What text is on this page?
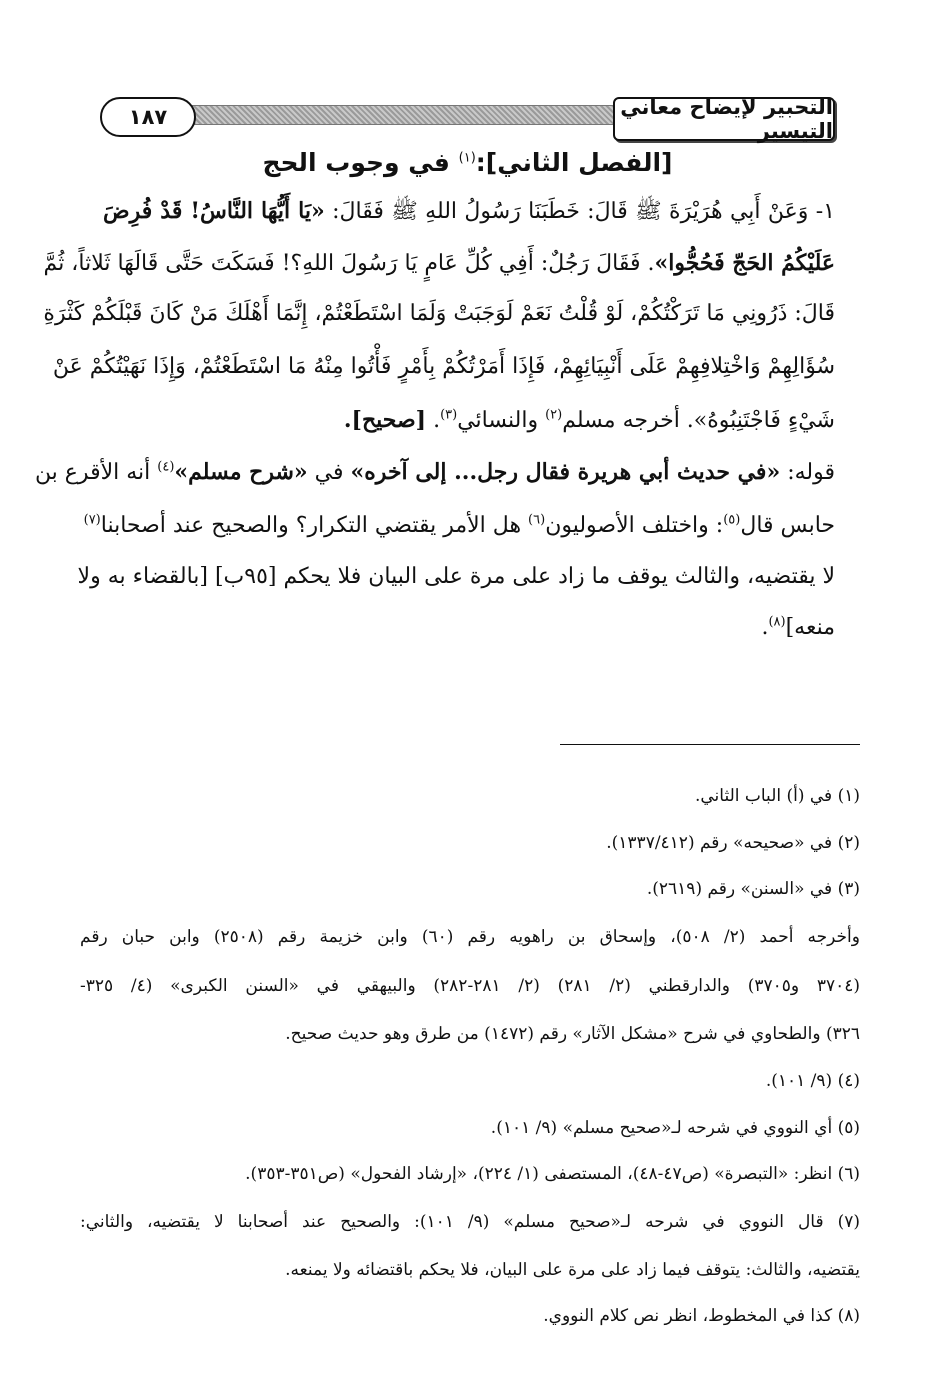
التحبير لإيضاح معاني التيسير
١٨٧
[الفصل الثاني]:$^{(١)}$ في وجوب الحج
١- وَعَنْ أَبِي هُرَيْرَةَ ﷺ قَالَ: خَطَبَنَا رَسُولُ اللهِ ﷺ فَقَالَ: «يَا أَيُّهَا النَّاسُ! قَدْ فُرِضَ
عَلَيْكُمُ الحَجّ فَحُجُّوا». فَقَالَ رَجُلٌ: أَفِي كُلِّ عَامٍ يَا رَسُولَ اللهِ؟! فَسَكَتَ حَتَّى قَالَهَا ثَلاثاً، ثُمَّ
قَالَ: ذَرُونِي مَا تَرَكْتُكُمْ، لَوْ قُلْتُ نَعَمْ لَوَجَبَتْ وَلَمَا اسْتَطَعْتُمْ، إِنَّمَا أَهْلَكَ مَنْ كَانَ قَبْلَكُمْ كَثْرَةِ
سُؤَالِهِمْ وَاخْتِلافِهِمْ عَلَى أَنْبِيَائِهِمْ، فَإِذَا أَمَرْتُكُمْ بِأَمْرٍ فَأْتُوا مِنْهُ مَا اسْتَطَعْتُمْ، وَإِذَا نَهَيْتُكُمْ عَنْ
شَيْءٍ فَاجْتَنِبُوهُ». أخرجه مسلم$^{(٢)}$ والنسائي$^{(٣)}$. [صحيح].
قوله: «في حديث أبي هريرة فقال رجل... إلى آخره» في «شرح مسلم»$^{(٤)}$ أنه الأقرع بن
حابس قال$^{(٥)}$: واختلف الأصوليون$^{(٦)}$ هل الأمر يقتضي التكرار؟ والصحيح عند أصحابنا$^{(٧)}$
لا يقتضيه، والثالث يوقف ما زاد على مرة على البيان فلا يحكم [٩٥ب] [بالقضاء به ولا
منعه]$^{(٨)}$.
(١) في (أ) الباب الثاني.
(٢) في «صحيحه» رقم (١٣٣٧/٤١٢).
(٣) في «السنن» رقم (٢٦١٩).
وأخرجه أحمد (٢/ ٥٠٨)، وإسحاق بن راهويه رقم (٦٠) وابن خزيمة رقم (٢٥٠٨) وابن حبان رقم
(٣٧٠٤ و٣٧٠٥) والدارقطني (٢/ ٢٨١) (٢/ ٢٨١-٢٨٢) والبيهقي في «السنن الكبرى» (٤/ ٣٢٥-
٣٢٦) والطحاوي في شرح «مشكل الآثار» رقم (١٤٧٢) من طرق وهو حديث صحيح.
(٤) (٩/ ١٠١).
(٥) أي النووي في شرحه لـ«صحيح مسلم» (٩/ ١٠١).
(٦) انظر: «التبصرة» (ص٤٧-٤٨)، المستصفى (١/ ٢٢٤)، «إرشاد الفحول» (ص٣٥١-٣٥٣).
(٧) قال النووي في شرحه لـ«صحيح مسلم» (٩/ ١٠١): والصحيح عند أصحابنا لا يقتضيه، والثاني:
يقتضيه، والثالث: يتوقف فيما زاد على مرة على البيان، فلا يحكم باقتضائه ولا يمنعه.
(٨) كذا في المخطوط، انظر نص كلام النووي.
